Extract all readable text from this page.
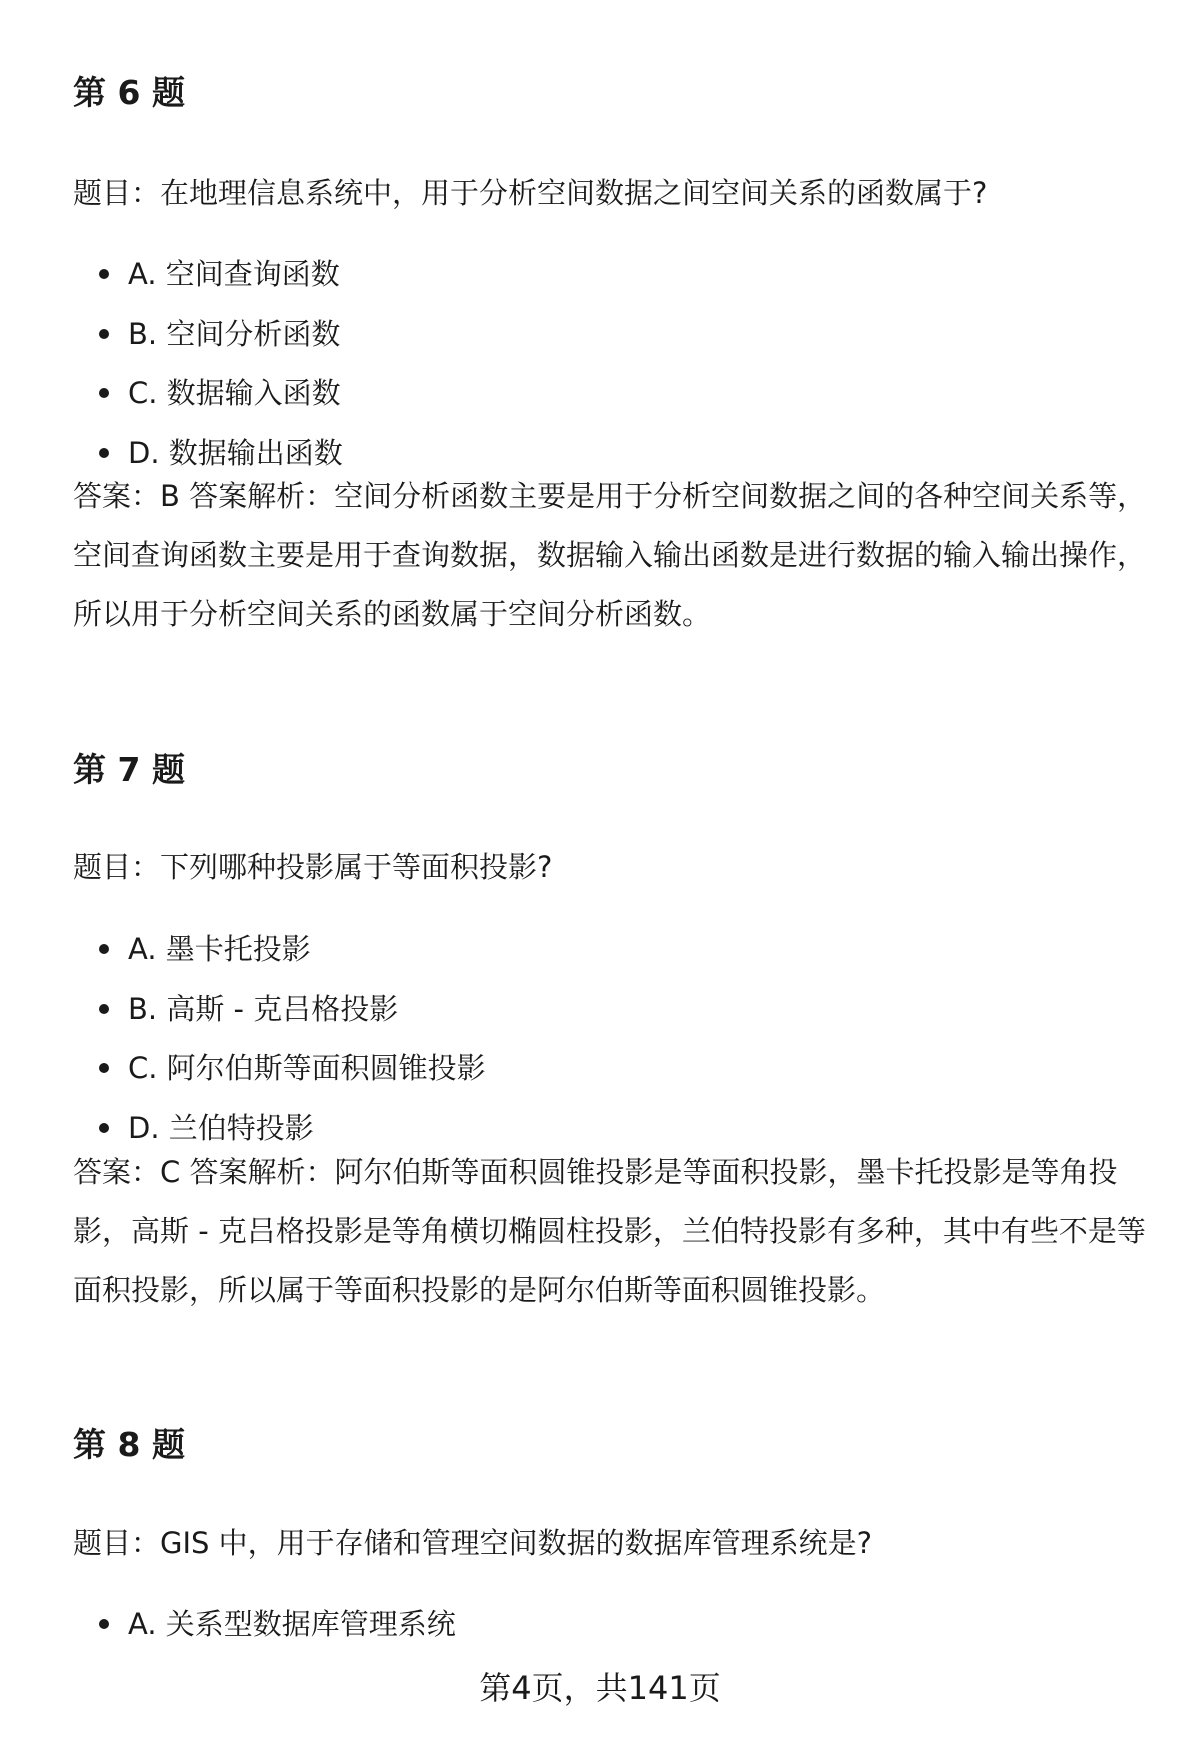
第 6 题

题目：在地理信息系统中，用于分析空间数据之间空间关系的函数属于?

A. 空间查询函数
B. 空间分析函数
C. 数据输入函数
D. 数据输出函数

答案：B 答案解析：空间分析函数主要是用于分析空间数据之间的各种空间关系等，空间查询函数主要是用于查询数据，数据输入输出函数是进行数据的输入输出操作，所以用于分析空间关系的函数属于空间分析函数。

第 7 题

题目：下列哪种投影属于等面积投影?

A. 墨卡托投影
B. 高斯 - 克吕格投影
C. 阿尔伯斯等面积圆锥投影
D. 兰伯特投影

答案：C 答案解析：阿尔伯斯等面积圆锥投影是等面积投影，墨卡托投影是等角投影，高斯 - 克吕格投影是等角横切椭圆柱投影，兰伯特投影有多种，其中有些不是等面积投影，所以属于等面积投影的是阿尔伯斯等面积圆锥投影。

第 8 题

题目：GIS 中，用于存储和管理空间数据的数据库管理系统是?

A. 关系型数据库管理系统
第4页，共141页
